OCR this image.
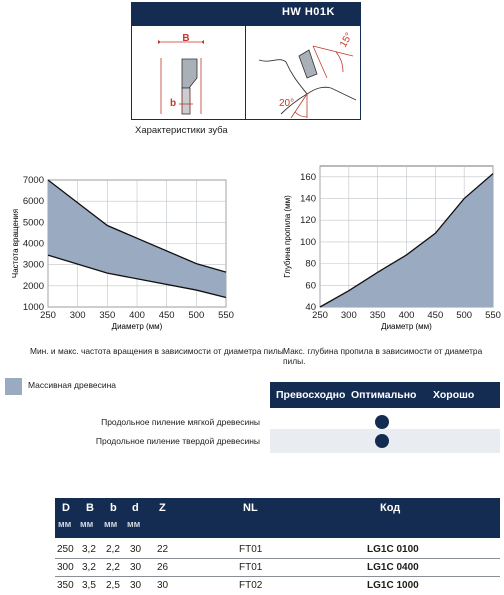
HW H01K
B
b
15°
20°
Характеристики зуба
250 300 350 400 450 500 550
1000
2000
3000
4000
5000
6000
7000
Диаметр (мм)
Частота вращения
Мин. и макс. частота вращения в зависимости от диаметра пилы
250 300 350 400 450 500 550
40
60
80
100
120
140
160
Диаметр (мм)
Глубина пропила (мм)
Макс. глубина пропила в зависимости от диаметра пилы.
Массивная древесина
Превосходно Оптимально Хорошо
Продольное пиление мягкой древесины
Продольное пиление твердой древесины
D B b d Z	NL	Код
мм мм мм мм
250 3,2 2,2 30 22	FT01	LG1C 0100
300 3,2 2,2 30 26	FT01	LG1C 0400
350 3,5 2,5 30 30	FT02	LG1C 1000
